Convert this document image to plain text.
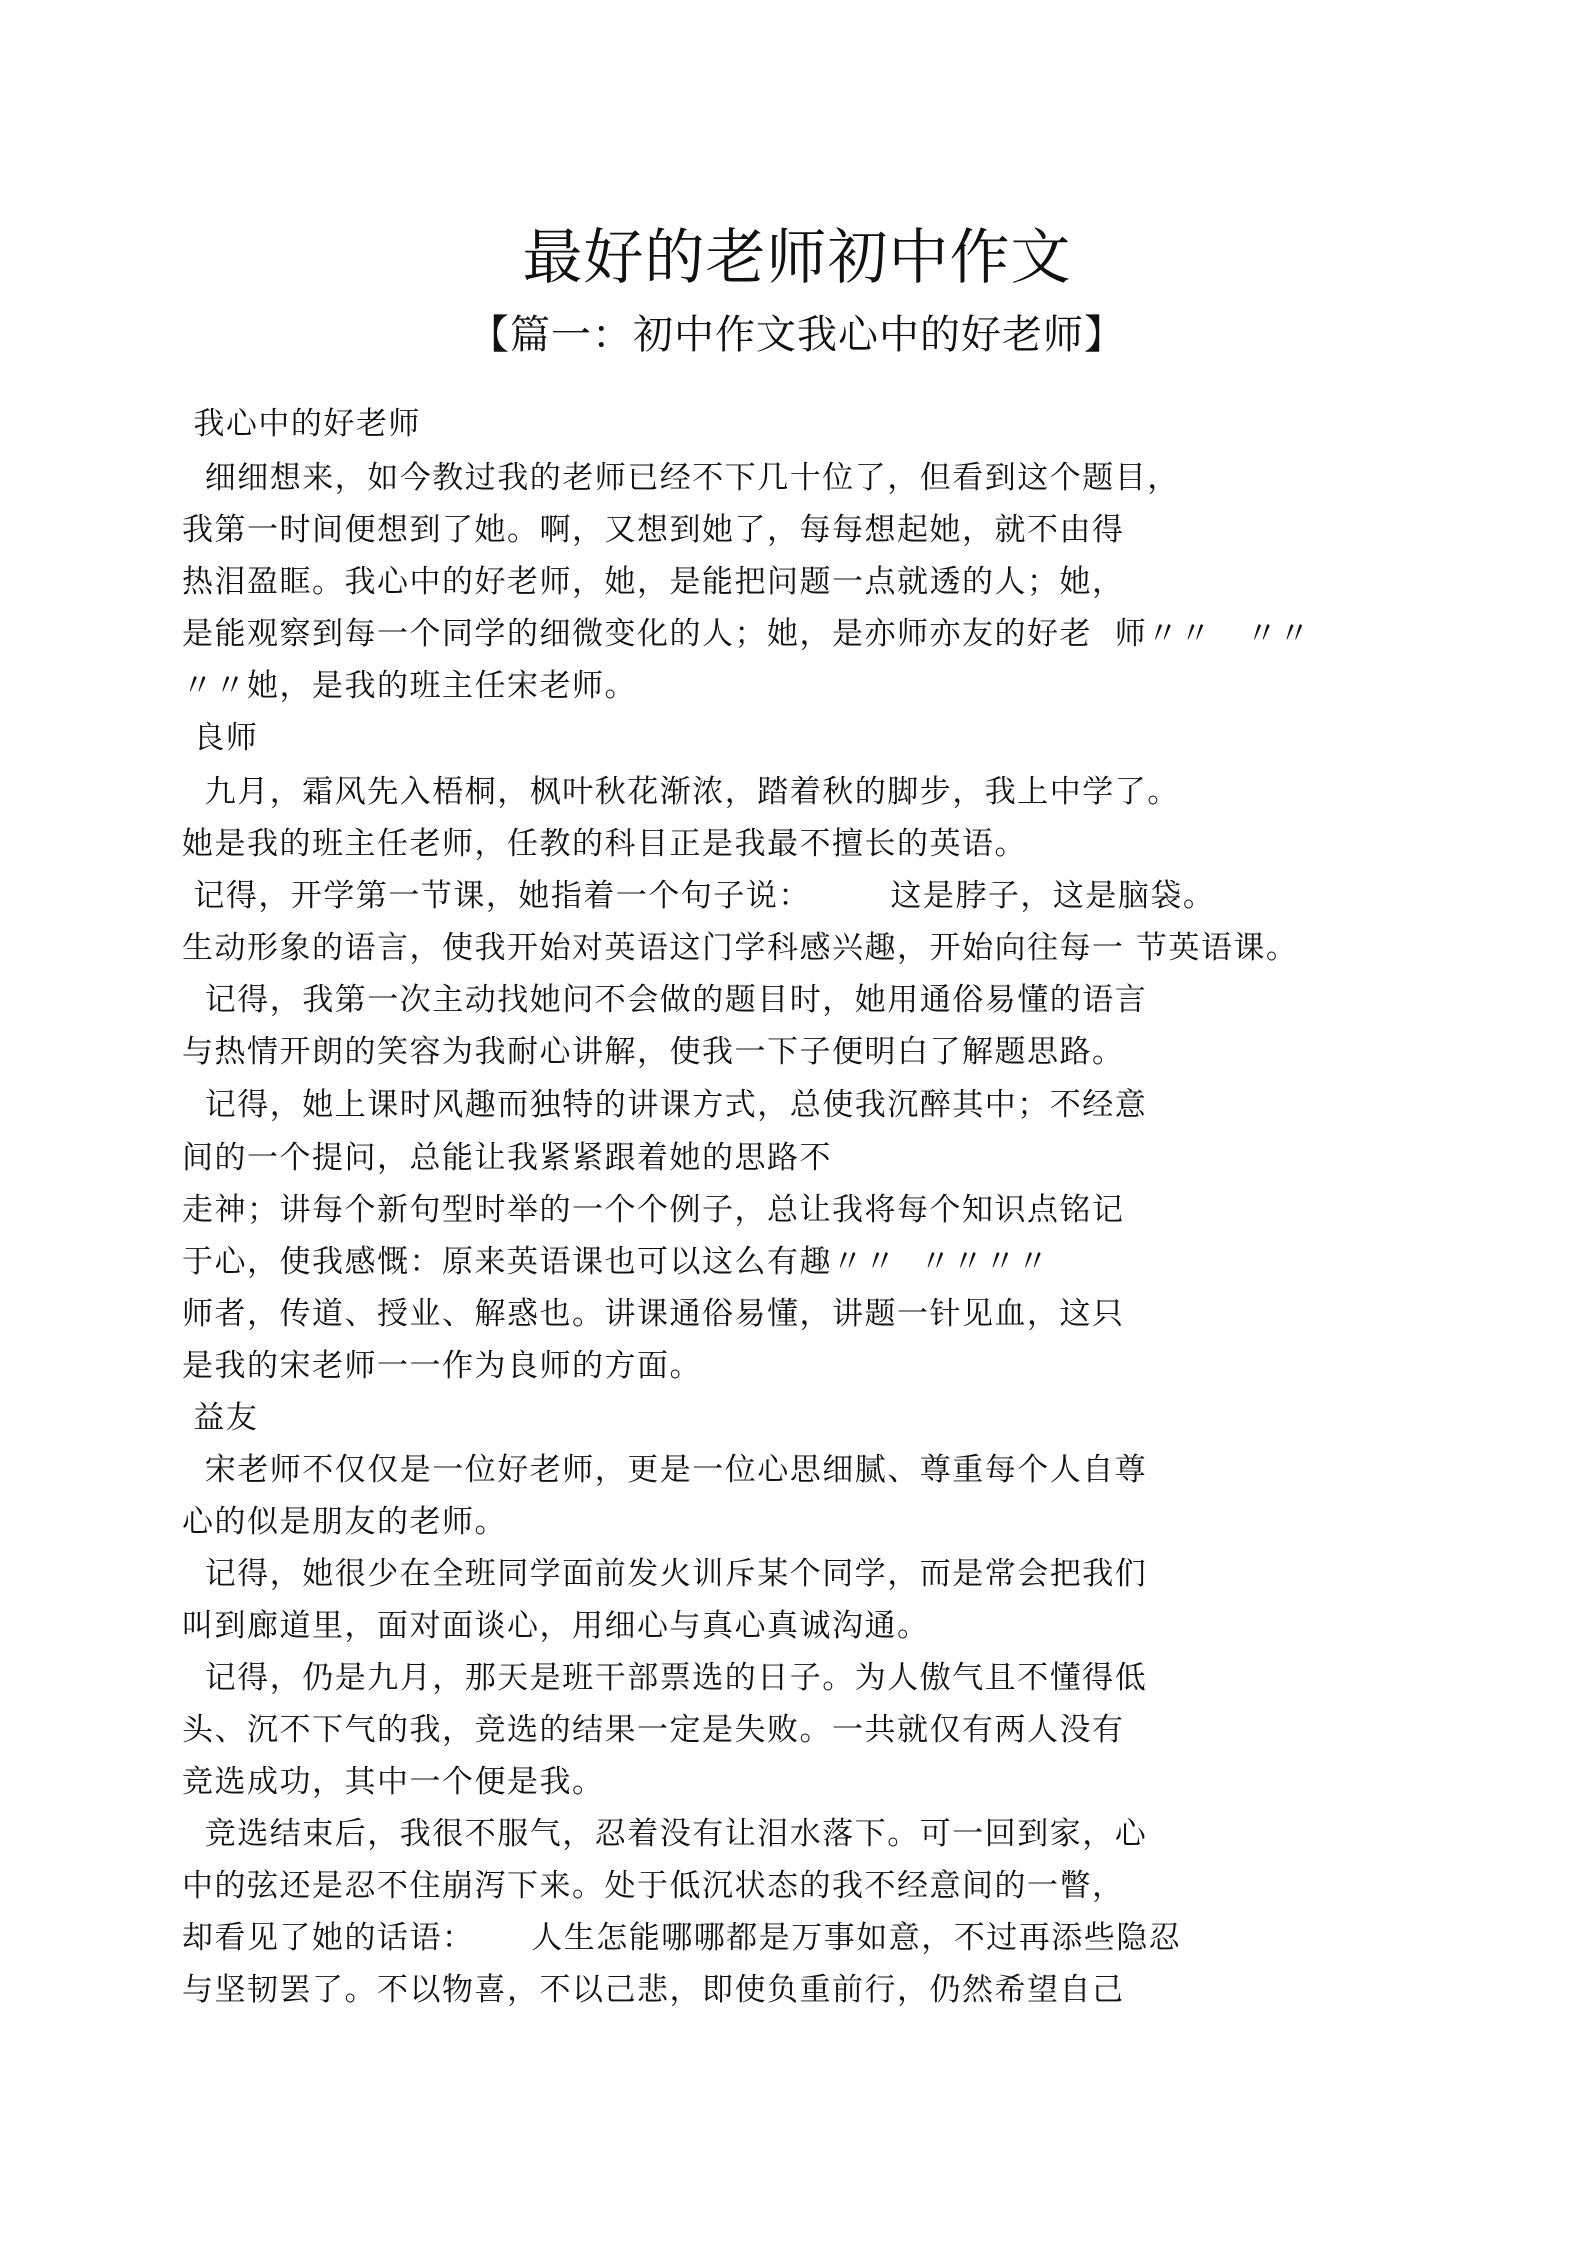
最好的老师初中作文
【篇一：初中作文我心中的好老师】
我心中的好老师
细细想来，如今教过我的老师已经不下几十位了，但看到这个题目，
我第一时间便想到了她。啊，又想到她了，每每想起她，就不由得
热泪盈眶。我心中的好老师，她，是能把问题一点就透的人；她，
是能观察到每一个同学的细微变化的人；她，是亦师亦友的好老  师〃〃   〃〃
〃〃她，是我的班主任宋老师。
良师
九月，霜风先入梧桐，枫叶秋花渐浓，踏着秋的脚步，我上中学了。
她是我的班主任老师，任教的科目正是我最不擅长的英语。
记得，开学第一节课，她指着一个句子说：       这是脖子，这是脑袋。
生动形象的语言，使我开始对英语这门学科感兴趣，开始向往每一 节英语课。
记得，我第一次主动找她问不会做的题目时，她用通俗易懂的语言
与热情开朗的笑容为我耐心讲解，使我一下子便明白了解题思路。
记得，她上课时风趣而独特的讲课方式，总使我沉醉其中；不经意
间的一个提问，总能让我紧紧跟着她的思路不
走神；讲每个新句型时举的一个个例子，总让我将每个知识点铭记
于心，使我感慨：原来英语课也可以这么有趣〃〃  〃〃〃〃
师者，传道、授业、解惑也。讲课通俗易懂，讲题一针见血，这只
是我的宋老师一一作为良师的方面。
益友
宋老师不仅仅是一位好老师，更是一位心思细腻、尊重每个人自尊
心的似是朋友的老师。
记得，她很少在全班同学面前发火训斥某个同学，而是常会把我们
叫到廊道里，面对面谈心，用细心与真心真诚沟通。
记得，仍是九月，那天是班干部票选的日子。为人傲气且不懂得低
头、沉不下气的我，竞选的结果一定是失败。一共就仅有两人没有
竞选成功，其中一个便是我。
竞选结束后，我很不服气，忍着没有让泪水落下。可一回到家，心
中的弦还是忍不住崩泻下来。处于低沉状态的我不经意间的一瞥，
却看见了她的话语：     人生怎能哪哪都是万事如意，不过再添些隐忍
与坚韧罢了。不以物喜，不以己悲，即使负重前行，仍然希望自己
